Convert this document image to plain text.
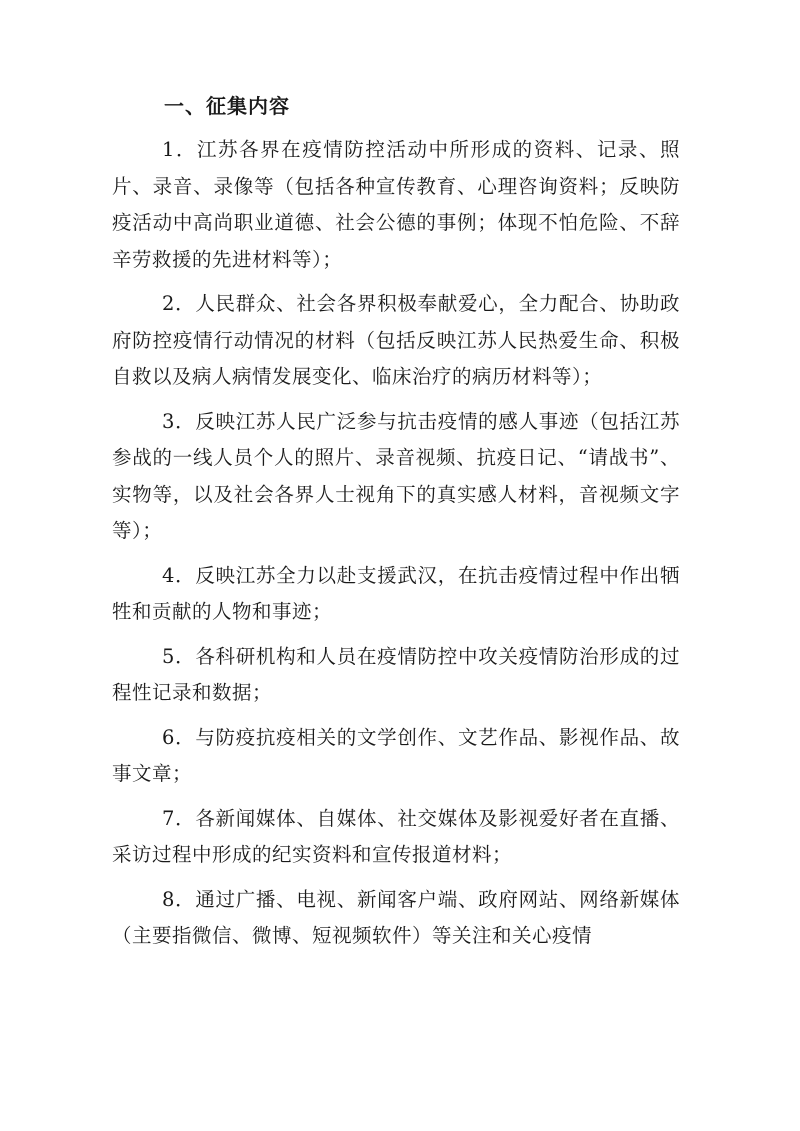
一、征集内容

1．江苏各界在疫情防控活动中所形成的资料、记录、照片、录音、录像等（包括各种宣传教育、心理咨询资料；反映防疫活动中高尚职业道德、社会公德的事例；体现不怕危险、不辞辛劳救援的先进材料等）；

2．人民群众、社会各界积极奉献爱心，全力配合、协助政府防控疫情行动情况的材料（包括反映江苏人民热爱生命、积极自救以及病人病情发展变化、临床治疗的病历材料等）；

3．反映江苏人民广泛参与抗击疫情的感人事迹（包括江苏参战的一线人员个人的照片、录音视频、抗疫日记、“请战书”、实物等，以及社会各界人士视角下的真实感人材料，音视频文字等）；

4．反映江苏全力以赴支援武汉，在抗击疫情过程中作出牺牲和贡献的人物和事迹；

5．各科研机构和人员在疫情防控中攻关疫情防治形成的过程性记录和数据；

6．与防疫抗疫相关的文学创作、文艺作品、影视作品、故事文章；

7．各新闻媒体、自媒体、社交媒体及影视爱好者在直播、采访过程中形成的纪实资料和宣传报道材料；

8．通过广播、电视、新闻客户端、政府网站、网络新媒体（主要指微信、微博、短视频软件）等关注和关心疫情
